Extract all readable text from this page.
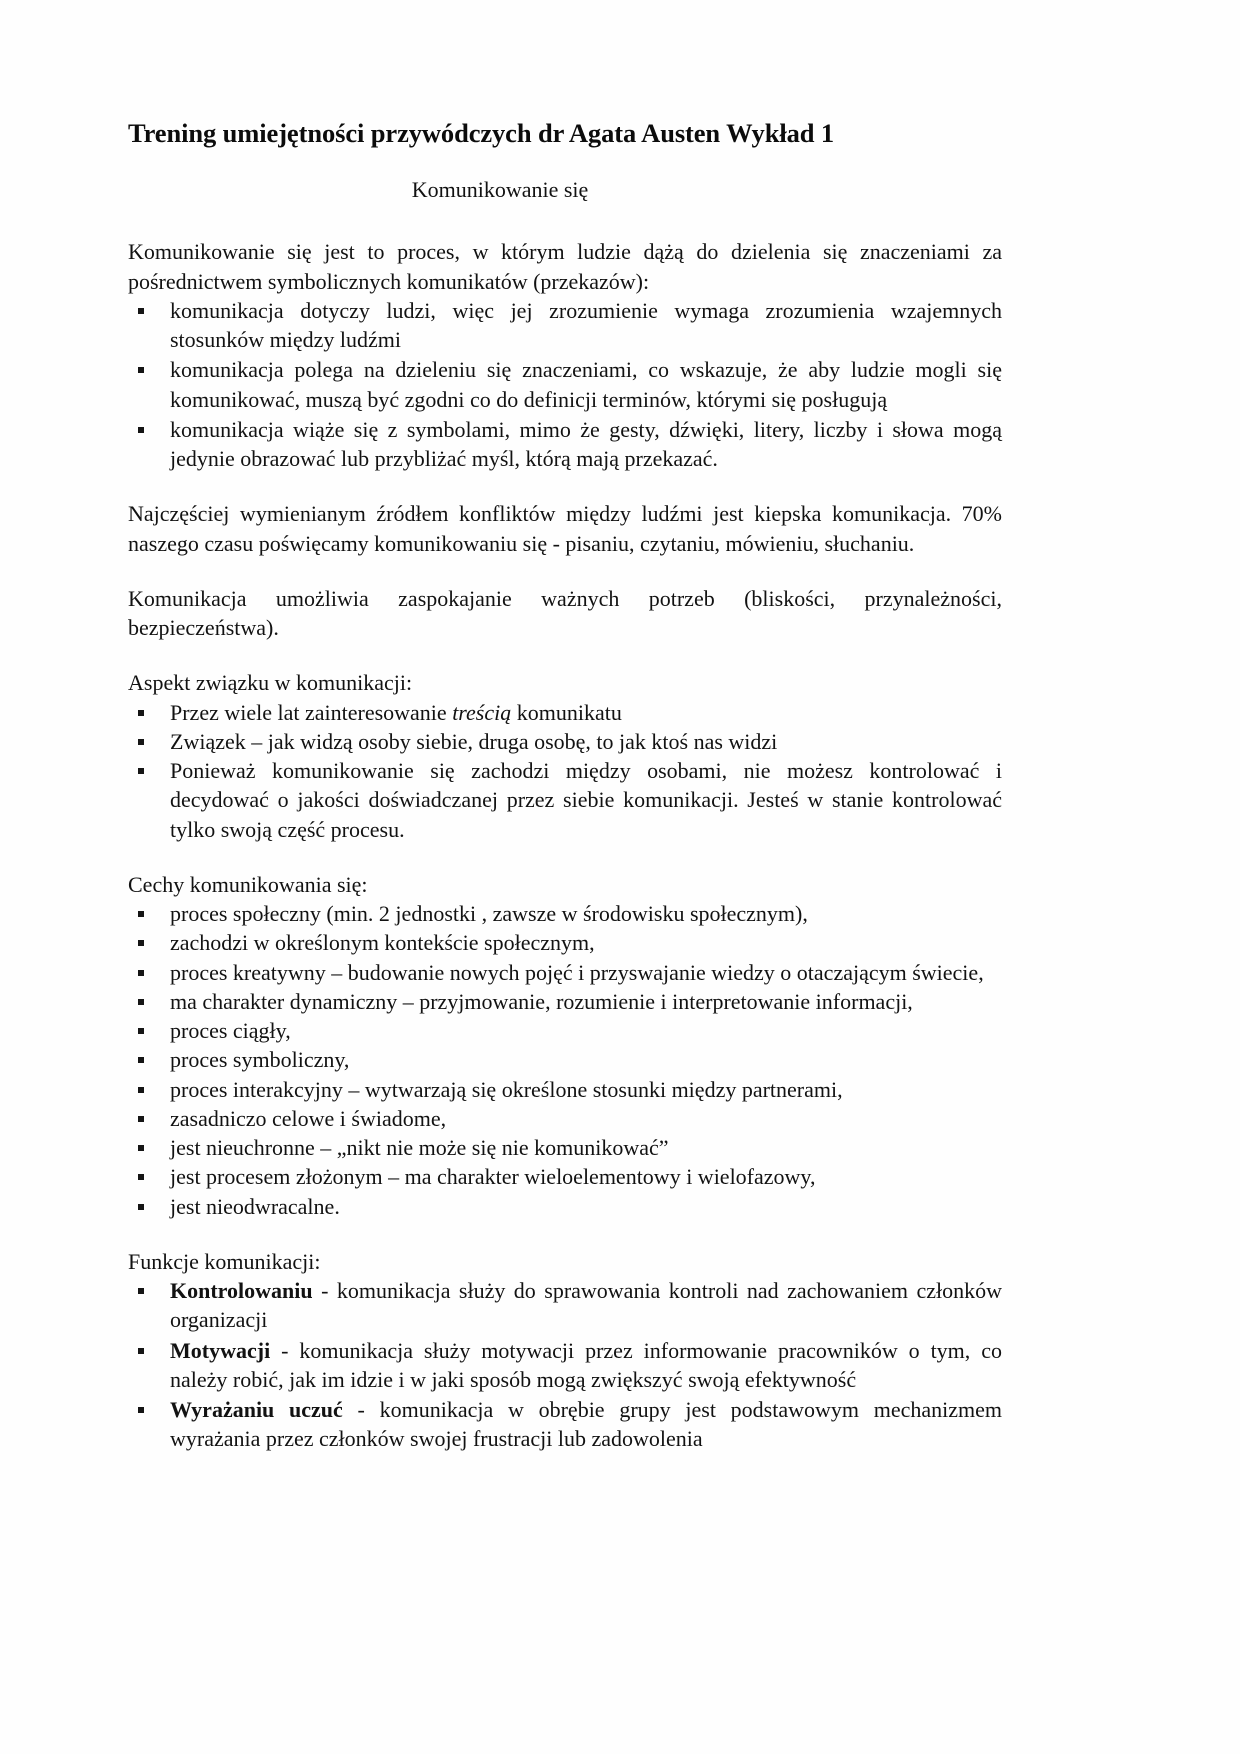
Trening umiejętności przywódczych dr Agata Austen Wykład 1
Komunikowanie się

Komunikowanie się jest to proces, w którym ludzie dążą do dzielenia się znaczeniami za pośrednictwem symbolicznych komunikatów (przekazów):

komunikacja dotyczy ludzi, więc jej zrozumienie wymaga zrozumienia wzajemnych stosunków między ludźmi
komunikacja polega na dzieleniu się znaczeniami, co wskazuje, że aby ludzie mogli się komunikować, muszą być zgodni co do definicji terminów, którymi się posługują
komunikacja wiąże się z symbolami, mimo że gesty, dźwięki, litery, liczby i słowa mogą jedynie obrazować lub przybliżać myśl, którą mają przekazać.

Najczęściej wymienianym źródłem konfliktów między ludźmi jest kiepska komunikacja. 70% naszego czasu poświęcamy komunikowaniu się - pisaniu, czytaniu, mówieniu, słuchaniu.

Komunikacja umożliwia zaspokajanie ważnych potrzeb (bliskości, przynależności, bezpieczeństwa).

Aspekt związku w komunikacji:
Przez wiele lat zainteresowanie treścią komunikatu
Związek – jak widzą osoby siebie, druga osobę, to jak ktoś nas widzi
Ponieważ komunikowanie się zachodzi między osobami, nie możesz kontrolować i decydować o jakości doświadczanej przez siebie komunikacji. Jesteś w stanie kontrolować tylko swoją część procesu.
Cechy komunikowania się:
proces społeczny (min. 2 jednostki , zawsze w środowisku społecznym),
zachodzi w określonym kontekście społecznym,
proces kreatywny – budowanie nowych pojęć i przyswajanie wiedzy o otaczającym świecie,
ma charakter dynamiczny – przyjmowanie, rozumienie i interpretowanie informacji,
proces ciągły,
proces symboliczny,
proces interakcyjny – wytwarzają się określone stosunki między partnerami,
zasadniczo celowe i świadome,
jest nieuchronne – „nikt nie może się nie komunikować”
jest procesem złożonym – ma charakter wieloelementowy i wielofazowy,
jest nieodwracalne.
Funkcje komunikacji:
Kontrolowaniu - komunikacja służy do sprawowania kontroli nad zachowaniem członków organizacji
Motywacji - komunikacja służy motywacji przez informowanie pracowników o tym, co należy robić, jak im idzie i w jaki sposób mogą zwiększyć swoją efektywność
Wyrażaniu uczuć - komunikacja w obrębie grupy jest podstawowym mechanizmem wyrażania przez członków swojej frustracji lub zadowolenia
